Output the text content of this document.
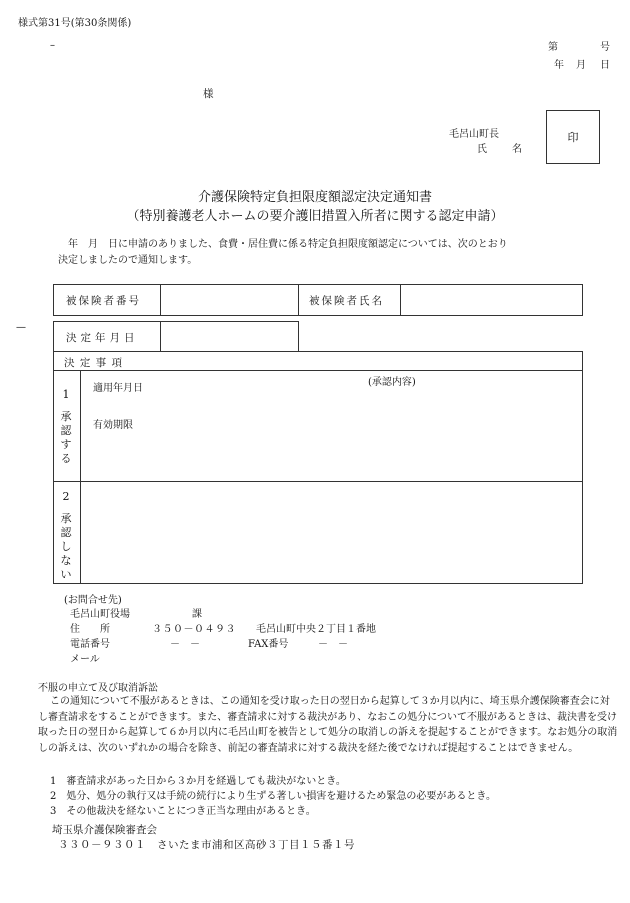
様式第31号(第30条関係)
–
—
第	号
年 月 日
様
毛呂山町長
氏	名
印
介護保険特定負担限度額認定決定通知書
（特別養護老人ホームの要介護旧措置入所者に関する認定申請）
年　月　日に申請のありました、食費・居住費に係る特定負担限度額認定については、次のとおり
決定しましたので通知します。
被保険者番号	被保険者氏名
決定年月日
決 定 事 項
1
承
認
す
る
(承認内容)
適用年月日
有効期限
2
承
認
し
な
い
(お問合せ先)
毛呂山町役場	課
住　　所	３５０－０４９３ 毛呂山町中央２丁目１番地
電話番号	－　－	FAX番号	－　－
メール
不服の申立て及び取消訴訟
この通知について不服があるときは、この通知を受け取った日の翌日から起算して３か月以内に、埼玉県介護保険審査会に対し審査請求をすることができます。また、審査請求に対する裁決があり、なおこの処分について不服があるときは、裁決書を受け取った日の翌日から起算して６か月以内に毛呂山町を被告として処分の取消しの訴えを提起することができます。なお処分の取消しの訴えは、次のいずれかの場合を除き、前記の審査請求に対する裁決を経た後でなければ提起することはできません。
1　審査請求があった日から３か月を経過しても裁決がないとき。
2　処分、処分の執行又は手続の続行により生ずる著しい損害を避けるため緊急の必要があるとき。
3　その他裁決を経ないことにつき正当な理由があるとき。
埼玉県介護保険審査会
３３０－９３０１　さいたま市浦和区高砂３丁目１５番１号
